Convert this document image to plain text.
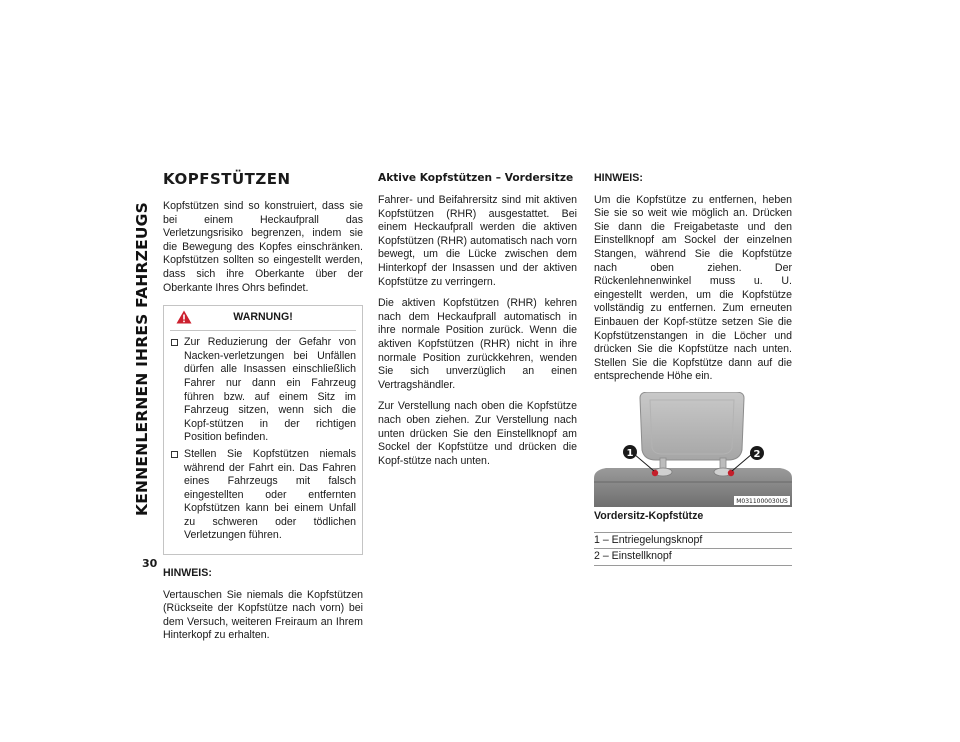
KENNENLERNEN IHRES FAHRZEUGS
30
KOPFSTÜTZEN

Kopfstützen sind so konstruiert, dass sie bei einem Heckaufprall das Verletzungsrisiko begrenzen, indem sie die Bewegung des Kopfes einschränken. Kopfstützen sollten so eingestellt werden, dass sich ihre Oberkante über der Oberkante Ihres Ohrs befindet.

WARNUNG!
Zur Reduzierung der Gefahr von Nacken-verletzungen bei Unfällen dürfen alle Insassen einschließlich Fahrer nur dann ein Fahrzeug führen bzw. auf einem Sitz im Fahrzeug sitzen, wenn sich die Kopf-stützen in der richtigen Position befinden.
Stellen Sie Kopfstützen niemals während der Fahrt ein. Das Fahren eines Fahrzeugs mit falsch eingestellten oder entfernten Kopfstützen kann bei einem Unfall zu schweren oder tödlichen Verletzungen führen.

HINWEIS:

Vertauschen Sie niemals die Kopfstützen (Rückseite der Kopfstütze nach vorn) bei dem Versuch, weiteren Freiraum an Ihrem Hinterkopf zu erhalten.

Aktive Kopfstützen – Vordersitze

Fahrer- und Beifahrersitz sind mit aktiven Kopfstützen (RHR) ausgestattet. Bei einem Heckaufprall werden die aktiven Kopfstützen (RHR) automatisch nach vorn bewegt, um die Lücke zwischen dem Hinterkopf der Insassen und der aktiven Kopfstütze zu verringern.

Die aktiven Kopfstützen (RHR) kehren nach dem Heckaufprall automatisch in ihre normale Position zurück. Wenn die aktiven Kopfstützen (RHR) nicht in ihre normale Position zurückkehren, wenden Sie sich unverzüglich an einen Vertragshändler.

Zur Verstellung nach oben die Kopfstütze nach oben ziehen. Zur Verstellung nach unten drücken Sie den Einstellknopf am Sockel der Kopfstütze und drücken die Kopf-stütze nach unten.

HINWEIS:

Um die Kopfstütze zu entfernen, heben Sie sie so weit wie möglich an. Drücken Sie dann die Freigabetaste und den Einstellknopf am Sockel der einzelnen Stangen, während Sie die Kopfstütze nach oben ziehen. Der Rückenlehnenwinkel muss u. U. eingestellt werden, um die Kopfstütze vollständig zu entfernen. Zum erneuten Einbauen der Kopf-stütze setzen Sie die Kopfstützenstangen in die Löcher und drücken Sie die Kopfstütze nach unten. Stellen Sie die Kopfstütze dann auf die entsprechende Höhe ein.

1	2
M0311000030US

Vordersitz-Kopfstütze

1 – Entriegelungsknopf
2 – Einstellknopf
